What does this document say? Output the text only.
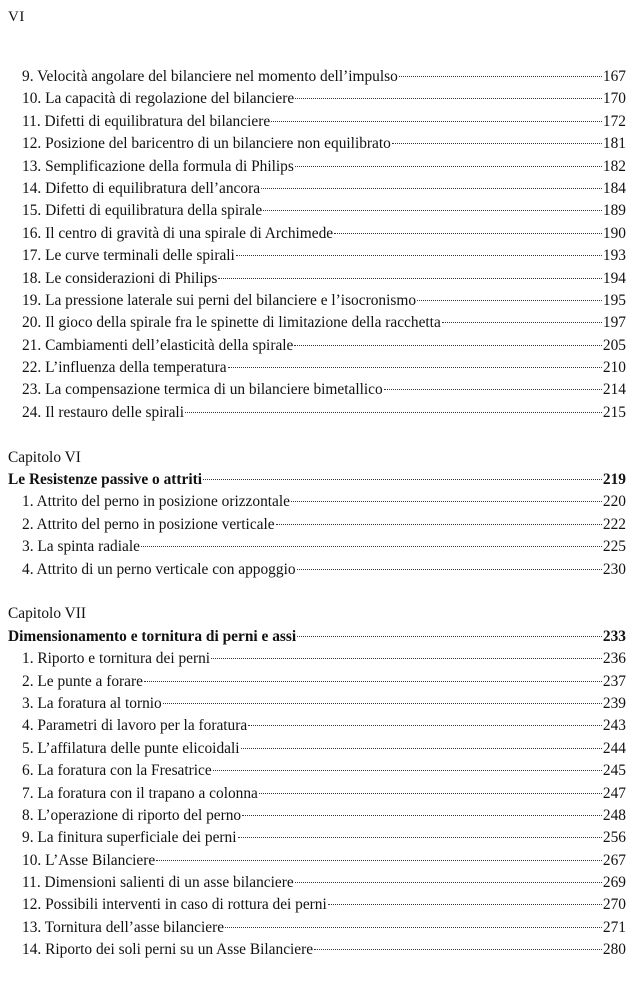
VI
9. Velocità angolare del bilanciere nel momento dell’impulso	167
10. La capacità di regolazione del bilanciere	170
11. Difetti di equilibratura del bilanciere	172
12. Posizione del baricentro di un bilanciere non equilibrato	181
13. Semplificazione della formula di Philips	182
14. Difetto di equilibratura dell’ancora	184
15. Difetti di equilibratura della spirale	189
16. Il centro di gravità di una spirale di Archimede	190
17. Le curve terminali delle spirali	193
18. Le considerazioni di Philips	194
19. La pressione laterale sui perni del bilanciere e l’isocronismo	195
20. Il gioco della spirale fra le spinette di limitazione della racchetta	197
21. Cambiamenti dell’elasticità della spirale	205
22. L’influenza della temperatura	210
23. La compensazione termica di un bilanciere bimetallico	214
24. Il restauro delle spirali	215
Capitolo VI
Le Resistenze passive o attriti	219
1. Attrito del perno in posizione orizzontale	220
2. Attrito del perno in posizione verticale	222
3. La spinta radiale	225
4. Attrito di un perno verticale con appoggio	230
Capitolo VII
Dimensionamento e tornitura di perni e assi	233
1. Riporto e tornitura dei perni	236
2. Le punte a forare	237
3. La foratura al tornio	239
4. Parametri di lavoro per la foratura	243
5. L’affilatura delle punte elicoidali	244
6. La foratura con la Fresatrice	245
7. La foratura con il trapano a colonna	247
8. L’operazione di riporto del perno	248
9. La finitura superficiale dei perni	256
10. L’Asse Bilanciere	267
11. Dimensioni salienti di un asse bilanciere	269
12. Possibili interventi in caso di rottura dei perni	270
13. Tornitura dell’asse bilanciere	271
14. Riporto dei soli perni su un Asse Bilanciere	280
